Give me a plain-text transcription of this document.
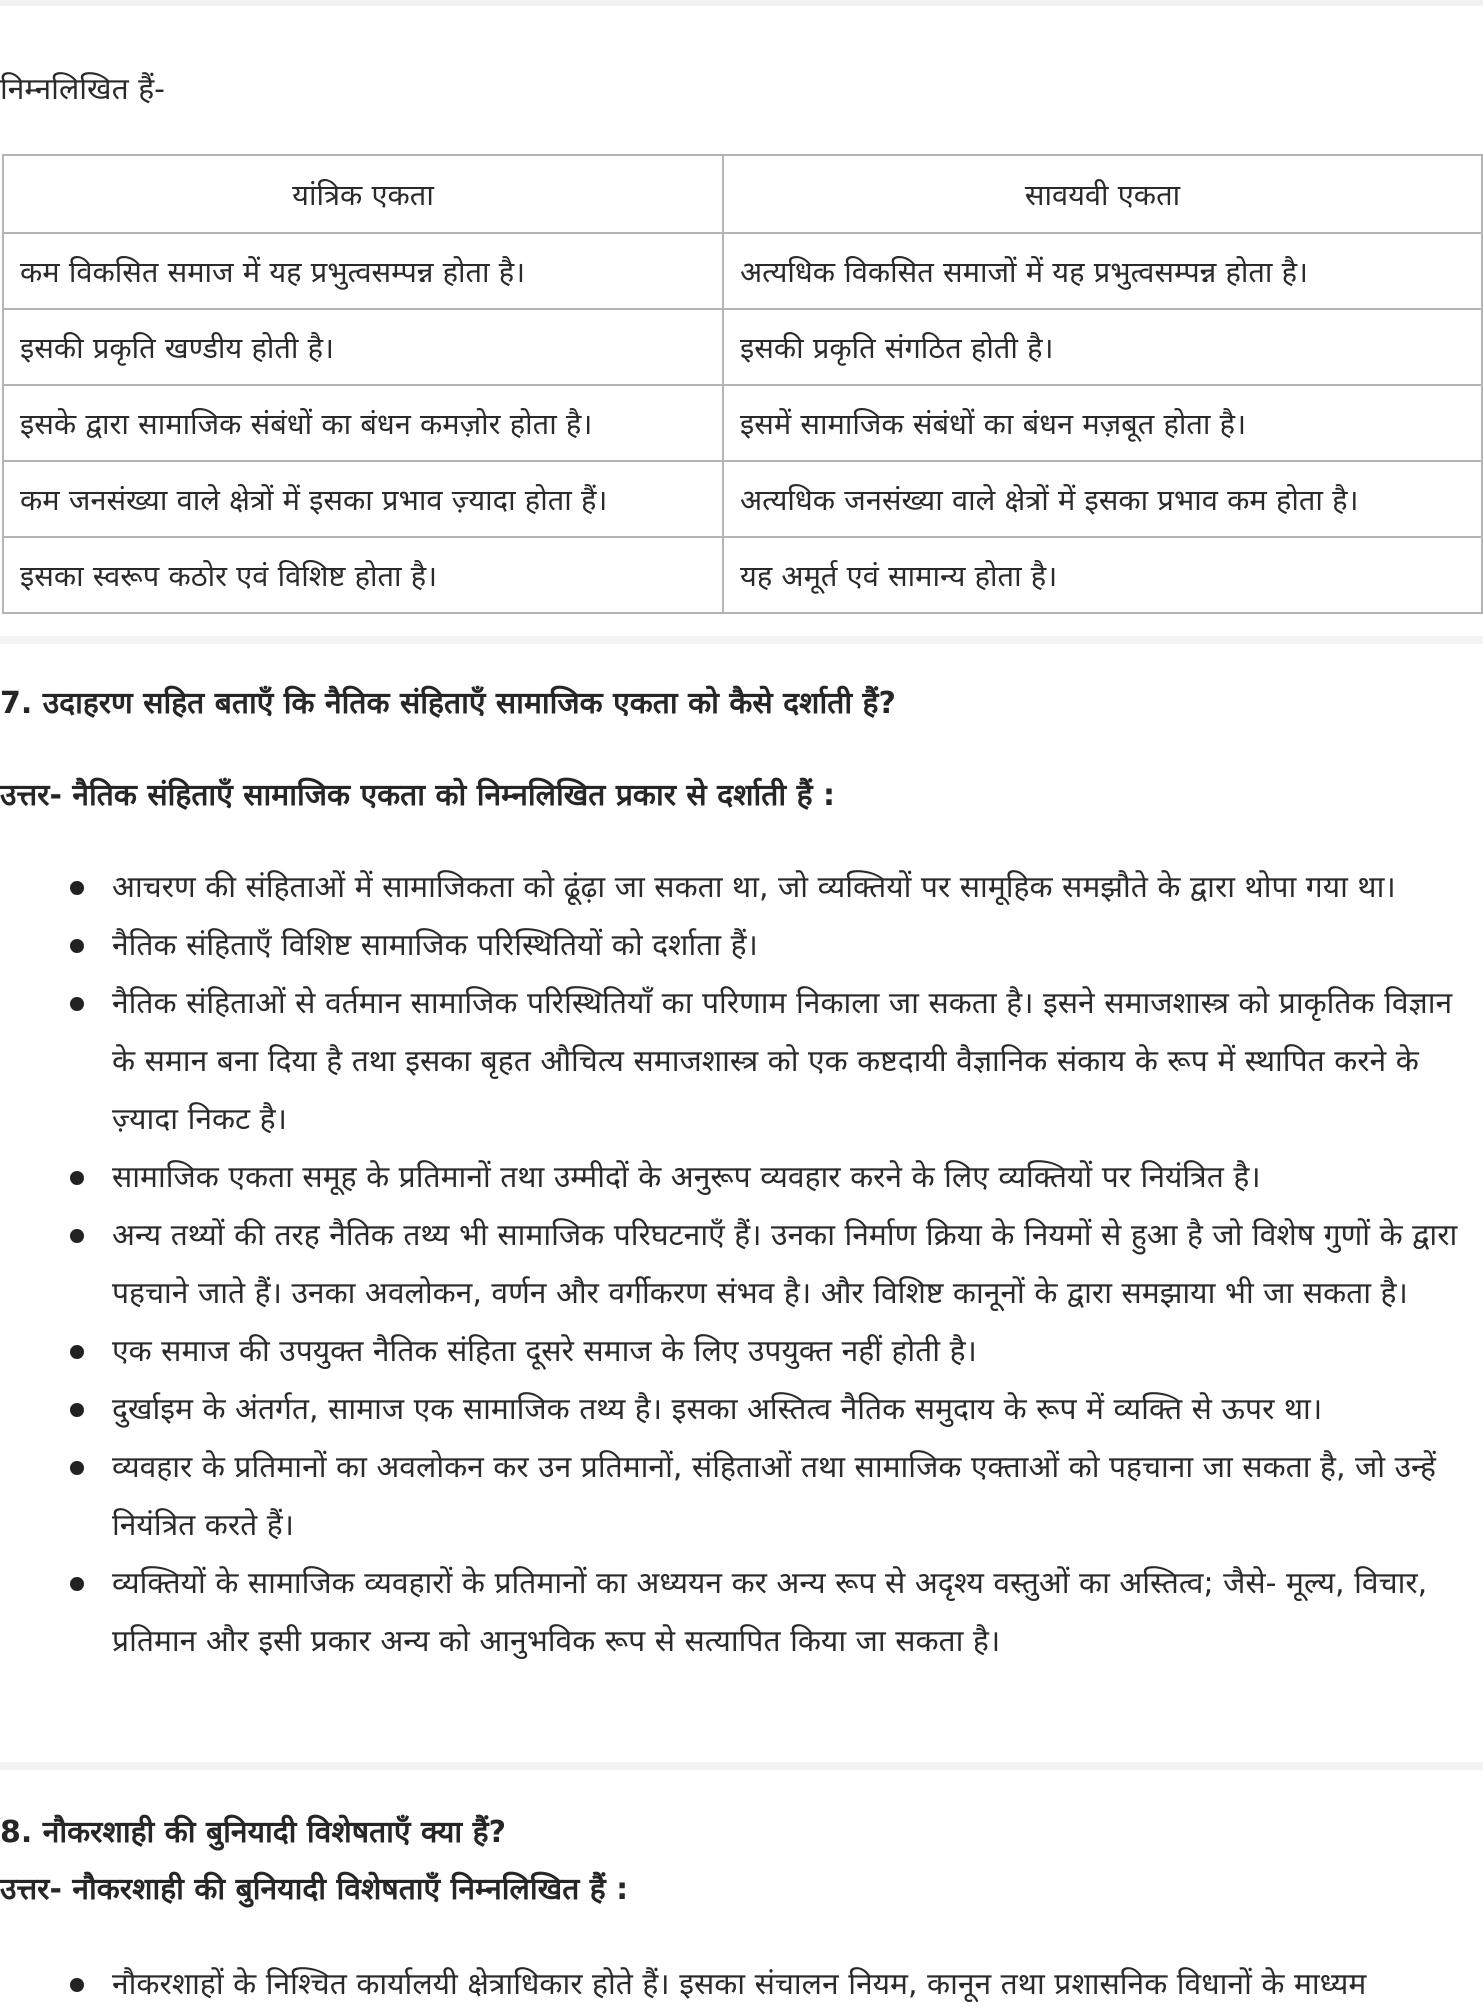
निम्नलिखित हैं-

यांत्रिक एकता	सावयवी एकता
कम विकसित समाज में यह प्रभुत्वसम्पन्न होता है।	अत्यधिक विकसित समाजों में यह प्रभुत्वसम्पन्न होता है।
इसकी प्रकृति खण्डीय होती है।	इसकी प्रकृति संगठित होती है।
इसके द्वारा सामाजिक संबंधों का बंधन कमज़ोर होता है।	इसमें सामाजिक संबंधों का बंधन मज़बूत होता है।
कम जनसंख्या वाले क्षेत्रों में इसका प्रभाव ज़्यादा होता हैं।	अत्यधिक जनसंख्या वाले क्षेत्रों में इसका प्रभाव कम होता है।
इसका स्वरूप कठोर एवं विशिष्ट होता है।	यह अमूर्त एवं सामान्य होता है।

7. उदाहरण सहित बताएँ कि नैतिक संहिताएँ सामाजिक एकता को कैसे दर्शाती हैं?

उत्तर- नैतिक संहिताएँ सामाजिक एकता को निम्नलिखित प्रकार से दर्शाती हैं :

आचरण की संहिताओं में सामाजिकता को ढूंढ़ा जा सकता था, जो व्यक्तियों पर सामूहिक समझौते के द्वारा थोपा गया था।
नैतिक संहिताएँ विशिष्ट सामाजिक परिस्थितियों को दर्शाता हैं।
नैतिक संहिताओं से वर्तमान सामाजिक परिस्थितियाँ का परिणाम निकाला जा सकता है। इसने समाजशास्त्र को प्राकृतिक विज्ञान के समान बना दिया है तथा इसका बृहत औचित्य समाजशास्त्र को एक कष्टदायी वैज्ञानिक संकाय के रूप में स्थापित करने के ज़्यादा निकट है।
सामाजिक एकता समूह के प्रतिमानों तथा उम्मीदों के अनुरूप व्यवहार करने के लिए व्यक्तियों पर नियंत्रित है।
अन्य तथ्यों की तरह नैतिक तथ्य भी सामाजिक परिघटनाएँ हैं। उनका निर्माण क्रिया के नियमों से हुआ है जो विशेष गुणों के द्वारा पहचाने जाते हैं। उनका अवलोकन, वर्णन और वर्गीकरण संभव है। और विशिष्ट कानूनों के द्वारा समझाया भी जा सकता है।
एक समाज की उपयुक्त नैतिक संहिता दूसरे समाज के लिए उपयुक्त नहीं होती है।
दुर्खाइम के अंतर्गत, सामाज एक सामाजिक तथ्य है। इसका अस्तित्व नैतिक समुदाय के रूप में व्यक्ति से ऊपर था।
व्यवहार के प्रतिमानों का अवलोकन कर उन प्रतिमानों, संहिताओं तथा सामाजिक एक्ताओं को पहचाना जा सकता है, जो उन्हें नियंत्रित करते हैं।
व्यक्तियों के सामाजिक व्यवहारों के प्रतिमानों का अध्ययन कर अन्य रूप से अदृश्य वस्तुओं का अस्तित्व; जैसे- मूल्य, विचार, प्रतिमान और इसी प्रकार अन्य को आनुभविक रूप से सत्यापित किया जा सकता है।

8. नौकरशाही की बुनियादी विशेषताएँ क्या हैं?

उत्तर- नौकरशाही की बुनियादी विशेषताएँ निम्नलिखित हैं :

नौकरशाहों के निश्चित कार्यालयी क्षेत्राधिकार होते हैं। इसका संचालन नियम, कानून तथा प्रशासनिक विधानों के माध्यम
